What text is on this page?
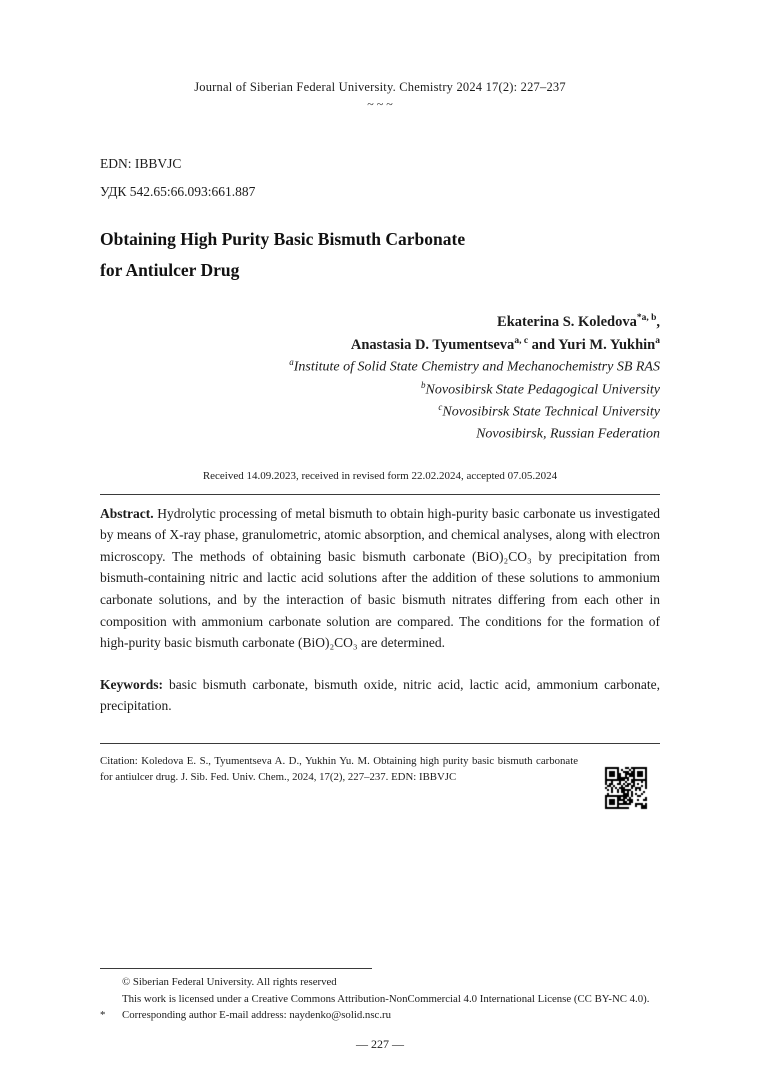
Journal of Siberian Federal University. Chemistry 2024 17(2): 227–237
~ ~ ~
EDN: IBBVJC
УДК 542.65:66.093:661.887
Obtaining High Purity Basic Bismuth Carbonate
for Antiulcer Drug
Ekaterina S. Koledova$^{*a, b}$,
Anastasia D. Tyumentseva$^{a, c}$ and Yuri M. Yukhin$^a$
$^a$Institute of Solid State Chemistry and Mechanochemistry SB RAS
$^b$Novosibirsk State Pedagogical University
$^c$Novosibirsk State Technical University
Novosibirsk, Russian Federation
Received 14.09.2023, received in revised form 22.02.2024, accepted 07.05.2024
Abstract. Hydrolytic processing of metal bismuth to obtain high-purity basic carbonate us investigated by means of X-ray phase, granulometric, atomic absorption, and chemical analyses, along with electron microscopy. The methods of obtaining basic bismuth carbonate (BiO)₂CO₃ by precipitation from bismuth-containing nitric and lactic acid solutions after the addition of these solutions to ammonium carbonate solutions, and by the interaction of basic bismuth nitrates differing from each other in composition with ammonium carbonate solution are compared. The conditions for the formation of high-purity basic bismuth carbonate (BiO)₂CO₃ are determined.
Keywords: basic bismuth carbonate, bismuth oxide, nitric acid, lactic acid, ammonium carbonate, precipitation.
Citation: Koledova E. S., Tyumentseva A. D., Yukhin Yu. M. Obtaining high purity basic bismuth carbonate for antiulcer drug. J. Sib. Fed. Univ. Chem., 2024, 17(2), 227–237. EDN: IBBVJC
© Siberian Federal University. All rights reserved
This work is licensed under a Creative Commons Attribution-NonCommercial 4.0 International License (CC BY-NC 4.0).
*	Corresponding author E-mail address: naydenko@solid.nsc.ru
— 227 —
